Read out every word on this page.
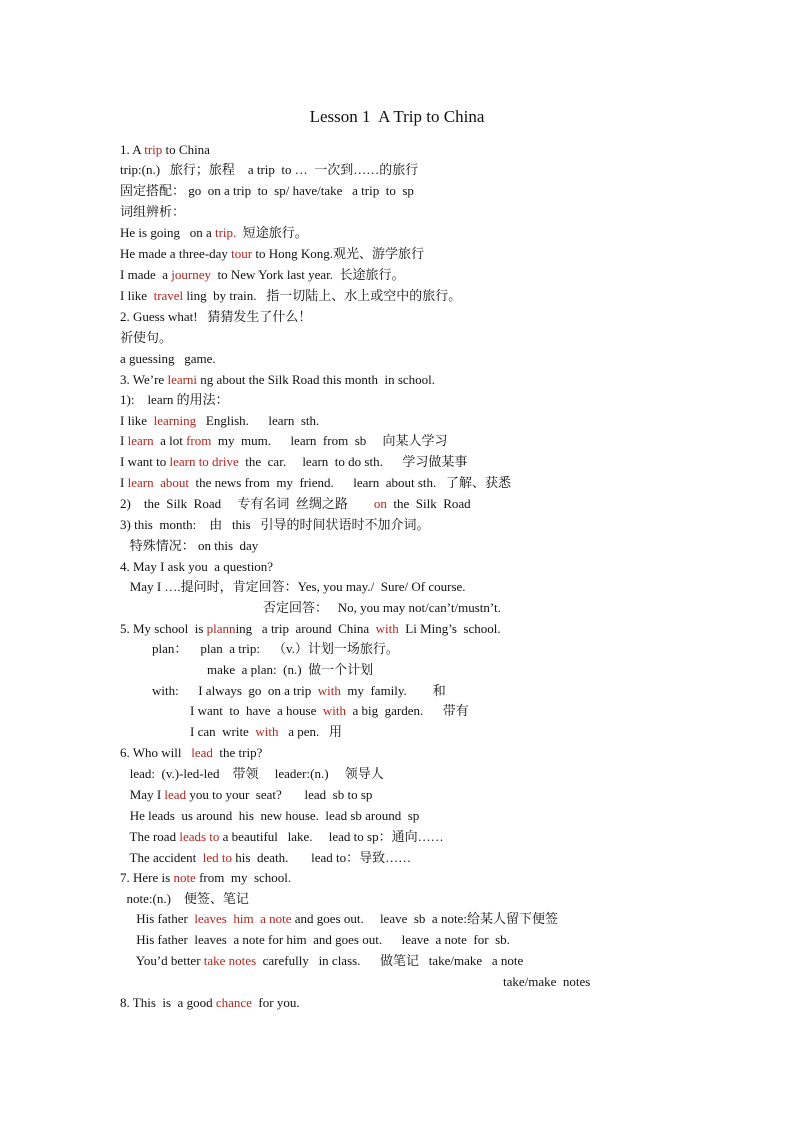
Lesson 1  A Trip to China
1. A trip to China
trip:(n.)   旅行；旅程    a trip  to …  一次到……的旅行
固定搭配： go  on a trip  to  sp/ have/take   a trip  to  sp
词组辨析：
He is going   on a trip.  短途旅行。
He made a three-day tour to Hong Kong.观光、游学旅行
I made  a journey  to New York last year.  长途旅行。
I like  travel ling  by train.   指一切陆上、水上或空中的旅行。
2. Guess what!   猜猜发生了什么！
祈使句。
a guessing   game.
3. We’re learni ng about the Silk Road this month  in school.
1):    learn 的用法：
I like  learning   English.      learn  sth.
I learn  a lot from  my  mum.      learn  from  sb     向某人学习
I want to learn to drive  the  car.     learn  to do sth.      学习做某事
I learn  about  the news from  my  friend.      learn  about sth.   了解、获悉
2)    the  Silk  Road     专有名词  丝绸之路        on  the  Silk  Road
3) this  month:    由   this   引导的时间状语时不加介词。
特殊情况： on this  day
4. May I ask you  a question?
May I ….提问时，肯定回答：Yes, you may./  Sure/ Of course.
否定回答：   No, you may not/can’t/mustn’t.
5. My school  is planning   a trip  around  China  with  Li Ming’s  school.
plan：    plan  a trip:    （v.）计划一场旅行。
make  a plan:  (n.)  做一个计划
with:      I always  go  on a trip  with  my  family.        和
I want  to  have  a house  with  a big  garden.      带有
I can  write  with   a pen.   用
6. Who will   lead  the trip?
lead:  (v.)-led-led    带领     leader:(n.)     领导人
May I lead you to your  seat?       lead  sb to sp
He leads  us around  his  new house.  lead sb around  sp
The road leads to a beautiful   lake.     lead to sp：通向……
The accident  led to his  death.       lead to：导致……
7. Here is note from  my  school.
note:(n.)    便签、笔记
His father  leaves  him  a note and goes out.     leave  sb  a note:给某人留下便签
His father  leaves  a note for him  and goes out.      leave  a note  for  sb.
You’d better take notes  carefully   in class.      做笔记   take/make   a note
take/make  notes
8. This  is  a good chance  for you.
